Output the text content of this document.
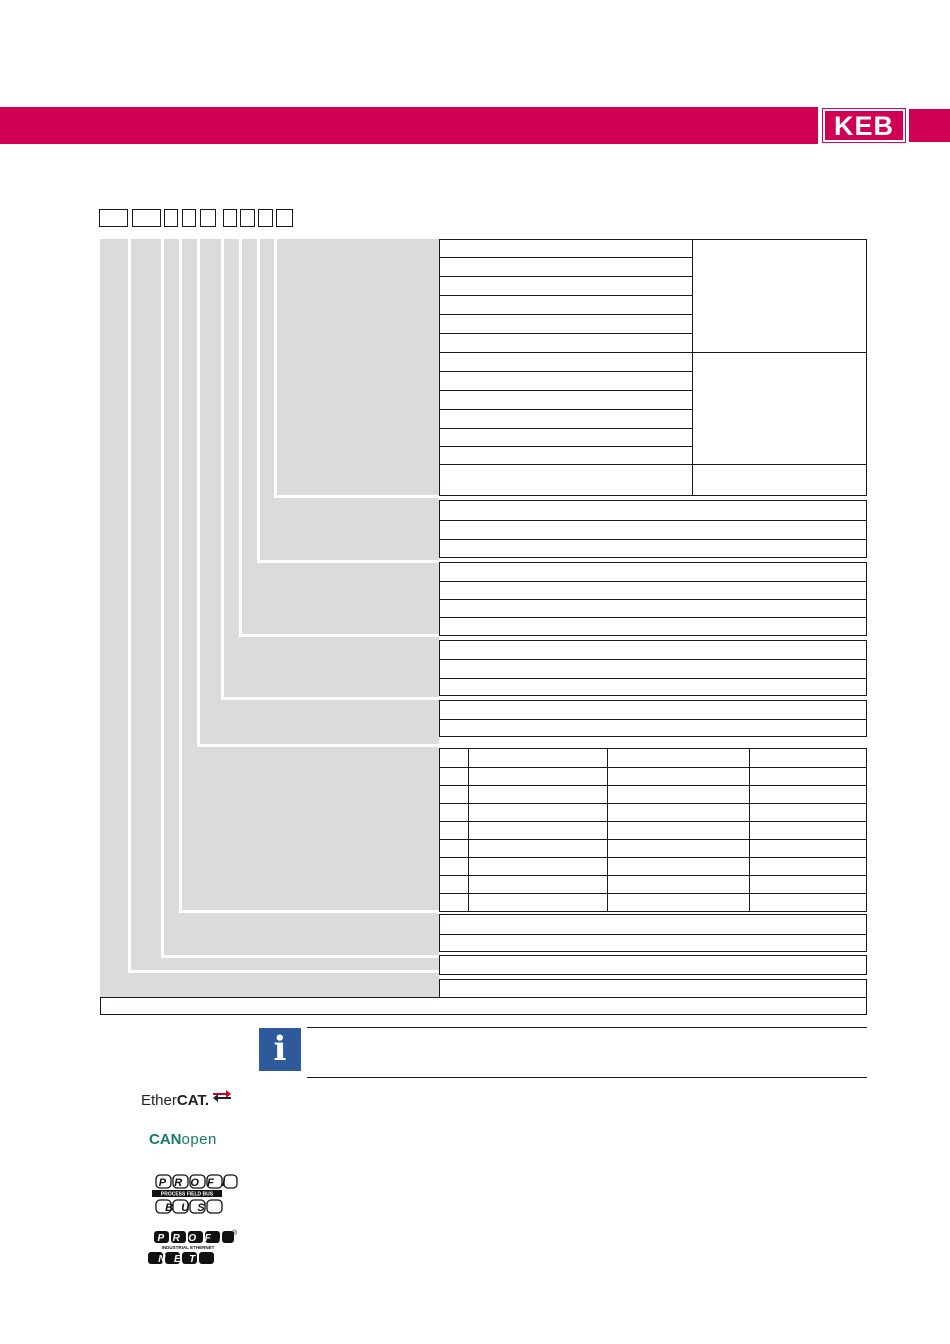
KEB
i
EtherCAT.
CANopen
PROFI
PROCESS FIELD BUS
BUS
PROFI
INDUSTRIAL ETHERNET
NET
®
